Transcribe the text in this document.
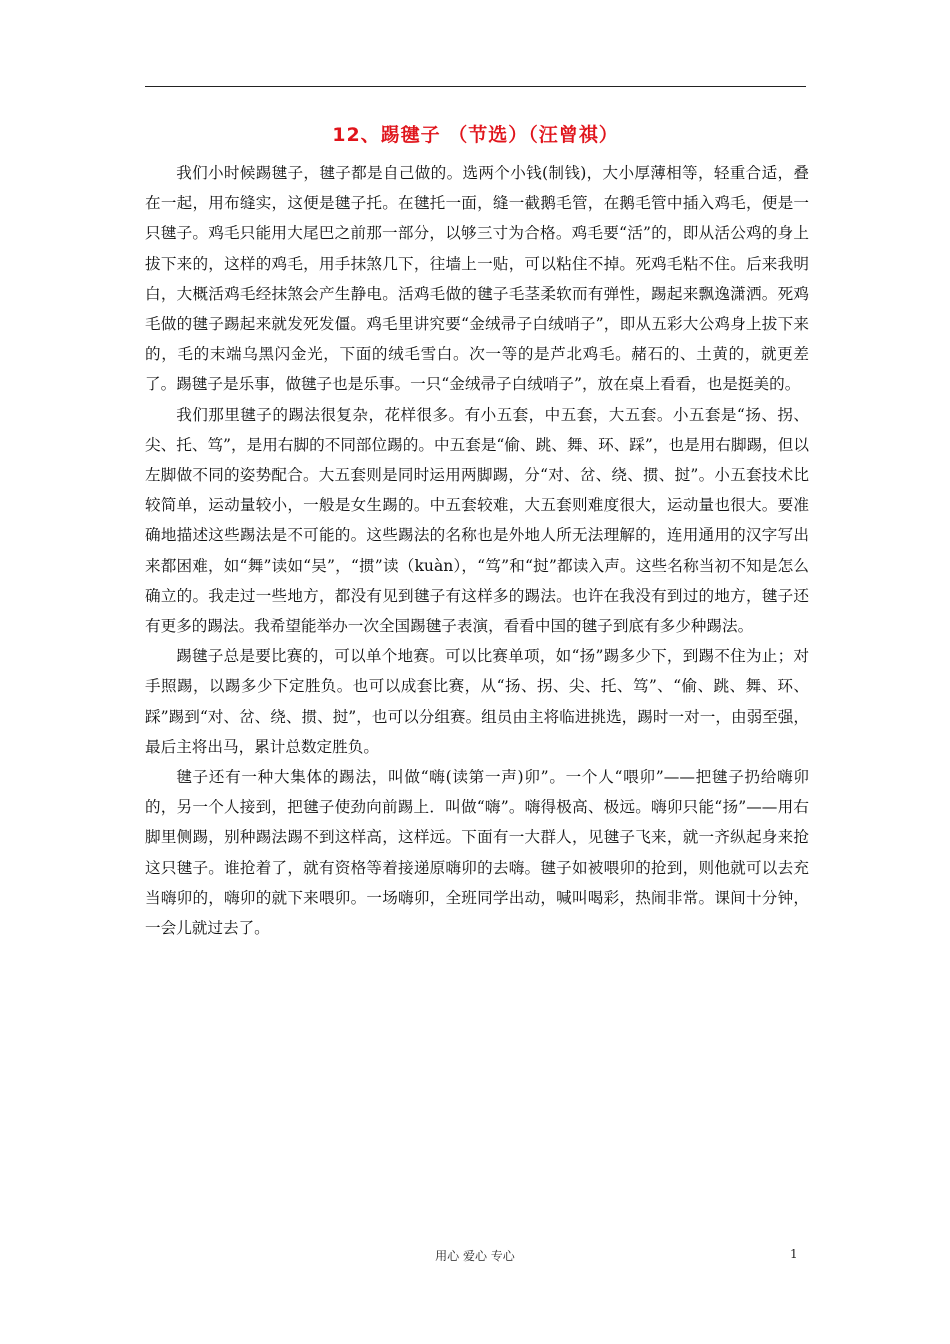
12、踢毽子 （节选）（汪曾祺）

我们小时候踢毽子，毽子都是自己做的。选两个小钱(制钱)，大小厚薄相等，轻重合适，叠在一起，用布缝实，这便是毽子托。在毽托一面，缝一截鹅毛管，在鹅毛管中插入鸡毛，便是一只毽子。鸡毛只能用大尾巴之前那一部分，以够三寸为合格。鸡毛要“活”的，即从活公鸡的身上拔下来的，这样的鸡毛，用手抹煞几下，往墙上一贴，可以粘住不掉。死鸡毛粘不住。后来我明白，大概活鸡毛经抹煞会产生静电。活鸡毛做的毽子毛茎柔软而有弹性，踢起来飘逸潇洒。死鸡毛做的毽子踢起来就发死发僵。鸡毛里讲究要“金绒帚子白绒哨子”，即从五彩大公鸡身上拔下来的，毛的末端乌黑闪金光，下面的绒毛雪白。次一等的是芦北鸡毛。赭石的、土黄的，就更差了。踢毽子是乐事，做毽子也是乐事。一只“金绒帚子白绒哨子”，放在桌上看看，也是挺美的。

我们那里毽子的踢法很复杂，花样很多。有小五套，中五套，大五套。小五套是“扬、拐、尖、托、笃”，是用右脚的不同部位踢的。中五套是“偷、跳、舞、环、踩”，也是用右脚踢，但以左脚做不同的姿势配合。大五套则是同时运用两脚踢，分“对、岔、绕、掼、挝”。小五套技术比较简单，运动量较小，一般是女生踢的。中五套较难，大五套则难度很大，运动量也很大。要准确地描述这些踢法是不可能的。这些踢法的名称也是外地人所无法理解的，连用通用的汉字写出来都困难，如“舞”读如“吴”，“掼”读（kuàn），“笃”和“挝”都读入声。这些名称当初不知是怎么确立的。我走过一些地方，都没有见到毽子有这样多的踢法。也许在我没有到过的地方，毽子还有更多的踢法。我希望能举办一次全国踢毽子表演，看看中国的毽子到底有多少种踢法。

踢毽子总是要比赛的，可以单个地赛。可以比赛单项，如“扬”踢多少下，到踢不住为止；对手照踢，以踢多少下定胜负。也可以成套比赛，从“扬、拐、尖、托、笃”、“偷、跳、舞、环、踩”踢到“对、岔、绕、掼、挝”，也可以分组赛。组员由主将临进挑选，踢时一对一，由弱至强，最后主将出马，累计总数定胜负。

毽子还有一种大集体的踢法，叫做“嗨(读第一声)卯”。一个人“喂卯”——把毽子扔给嗨卯的，另一个人接到，把毽子使劲向前踢上．叫做“嗨”。嗨得极高、极远。嗨卯只能“扬”——用右脚里侧踢，别种踢法踢不到这样高，这样远。下面有一大群人，见毽子飞来，就一齐纵起身来抢这只毽子。谁抢着了，就有资格等着接递原嗨卯的去嗨。毽子如被喂卯的抢到，则他就可以去充当嗨卯的，嗨卯的就下来喂卯。一场嗨卯，全班同学出动，喊叫喝彩，热闹非常。课间十分钟，一会儿就过去了。

用心 爱心 专心	1
